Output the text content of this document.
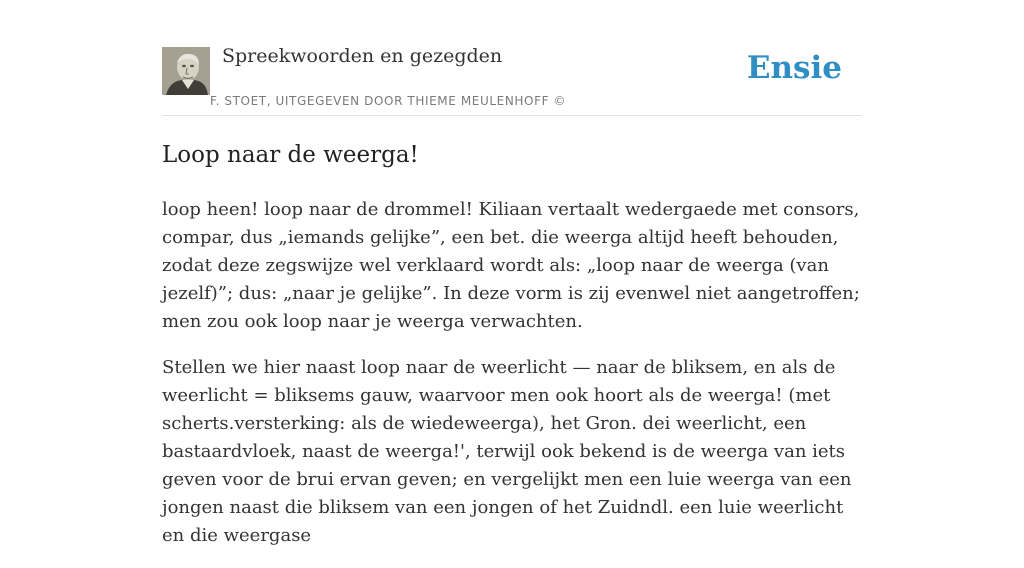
Spreekwoorden en gezegden
F. STOET, UITGEGEVEN DOOR THIEME MEULENHOFF ©
Ensie
Loop naar de weerga!

loop heen! loop naar de drommel! Kiliaan vertaalt wedergaede met consors, compar, dus „iemands gelijke”, een bet. die weerga altijd heeft behouden, zodat deze zegswijze wel verklaard wordt als: „loop naar de weerga (van jezelf)”; dus: „naar je gelijke”. In deze vorm is zij evenwel niet aangetroffen; men zou ook loop naar je weerga verwachten.

Stellen we hier naast loop naar de weerlicht — naar de bliksem, en als de weerlicht = bliksems gauw, waarvoor men ook hoort als de weerga! (met scherts.versterking: als de wiedeweerga), het Gron. dei weerlicht, een bastaardvloek, naast de weerga!', terwijl ook bekend is de weerga van iets geven voor de brui ervan geven; en vergelijkt men een luie weerga van een jongen naast die bliksem van een jongen of het Zuidndl. een luie weerlicht en die weergase
